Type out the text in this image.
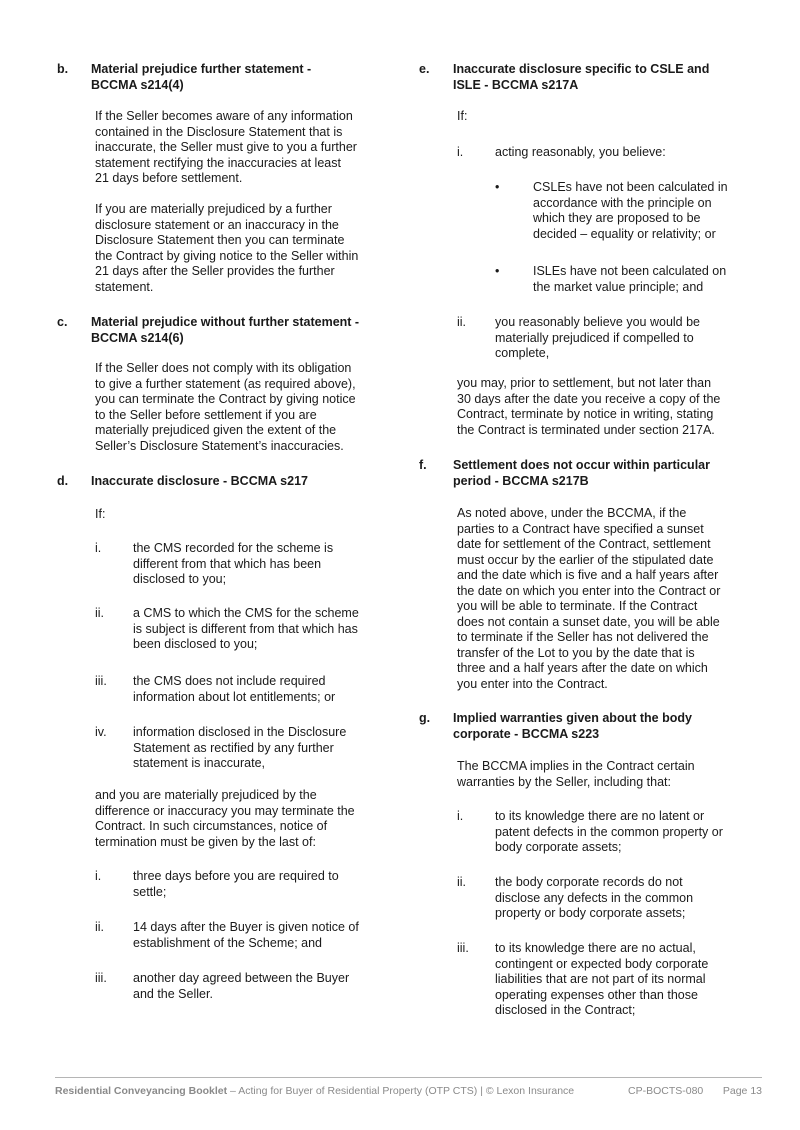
b.	Material prejudice further statement -
BCCMA s214(4)
If the Seller becomes aware of any information
contained in the Disclosure Statement that is
inaccurate, the Seller must give to you a further
statement rectifying the inaccuracies at least
21 days before settlement.
If you are materially prejudiced by a further
disclosure statement or an inaccuracy in the
Disclosure Statement then you can terminate
the Contract by giving notice to the Seller within
21 days after the Seller provides the further
statement.
c.	Material prejudice without further statement -
BCCMA s214(6)
If the Seller does not comply with its obligation
to give a further statement (as required above),
you can terminate the Contract by giving notice
to the Seller before settlement if you are
materially prejudiced given the extent of the
Seller’s Disclosure Statement’s inaccuracies.
d.	Inaccurate disclosure - BCCMA s217
If:
i.	the CMS recorded for the scheme is
different from that which has been
disclosed to you;
ii.	a CMS to which the CMS for the scheme
is subject is different from that which has
been disclosed to you;
iii.	the CMS does not include required
information about lot entitlements; or
iv.	information disclosed in the Disclosure
Statement as rectified by any further
statement is inaccurate,
and you are materially prejudiced by the
difference or inaccuracy you may terminate the
Contract. In such circumstances, notice of
termination must be given by the last of:
i.	three days before you are required to
settle;
ii.	14 days after the Buyer is given notice of
establishment of the Scheme; and
iii.	another day agreed between the Buyer
and the Seller.
e.	Inaccurate disclosure specific to CSLE and
ISLE - BCCMA s217A
If:
i.	acting reasonably, you believe:
•	CSLEs have not been calculated in
accordance with the principle on
which they are proposed to be
decided – equality or relativity; or
•	ISLEs have not been calculated on
the market value principle; and
ii.	you reasonably believe you would be
materially prejudiced if compelled to
complete,
you may, prior to settlement, but not later than
30 days after the date you receive a copy of the
Contract, terminate by notice in writing, stating
the Contract is terminated under section 217A.
f.	Settlement does not occur within particular
period - BCCMA s217B
As noted above, under the BCCMA, if the
parties to a Contract have specified a sunset
date for settlement of the Contract, settlement
must occur by the earlier of the stipulated date
and the date which is five and a half years after
the date on which you enter into the Contract or
you will be able to terminate. If the Contract
does not contain a sunset date, you will be able
to terminate if the Seller has not delivered the
transfer of the Lot to you by the date that is
three and a half years after the date on which
you enter into the Contract.
g.	Implied warranties given about the body
corporate - BCCMA s223
The BCCMA implies in the Contract certain
warranties by the Seller, including that:
i.	to its knowledge there are no latent or
patent defects in the common property or
body corporate assets;
ii.	the body corporate records do not
disclose any defects in the common
property or body corporate assets;
iii.	to its knowledge there are no actual,
contingent or expected body corporate
liabilities that are not part of its normal
operating expenses other than those
disclosed in the Contract;
Residential Conveyancing Booklet – Acting for Buyer of Residential Property (OTP CTS) | © Lexon Insurance	CP-BOCTS-080 Page 13
